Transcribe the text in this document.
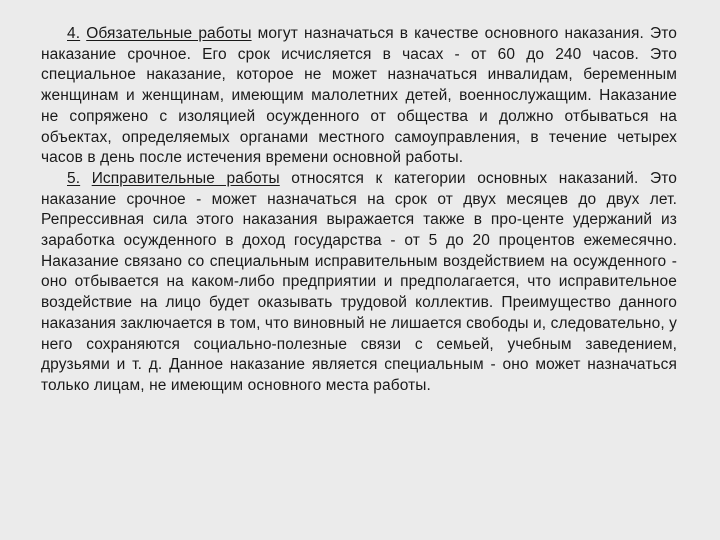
4. Обязательные работы могут назначаться в качестве основного наказания. Это наказание срочное. Его срок исчисляется в часах - от 60 до 240 часов. Это специальное наказание, которое не может назначаться инвалидам, беременным женщинам и женщинам, имеющим малолетних детей, военнослужащим. Наказание не сопряжено с изоляцией осужденного от общества и должно отбываться на объектах, определяемых органами местного самоуправления, в течение четырех часов в день после истечения времени основной работы.

5. Исправительные работы относятся к категории основных наказаний. Это наказание срочное - может назначаться на срок от двух месяцев до двух лет. Репрессивная сила этого наказания выражается также в про-центе удержаний из заработка осужденного в доход государства - от 5 до 20 процентов ежемесячно. Наказание связано со специальным исправительным воздействием на осужденного - оно отбывается на каком-либо предприятии и предполагается, что исправительное воздействие на лицо будет оказывать трудовой коллектив. Преимущество данного наказания заключается в том, что виновный не лишается свободы и, следовательно, у него сохраняются социально-полезные связи с семьей, учебным заведением, друзьями и т. д. Данное наказание является специальным - оно может назначаться только лицам, не имеющим основного места работы.
